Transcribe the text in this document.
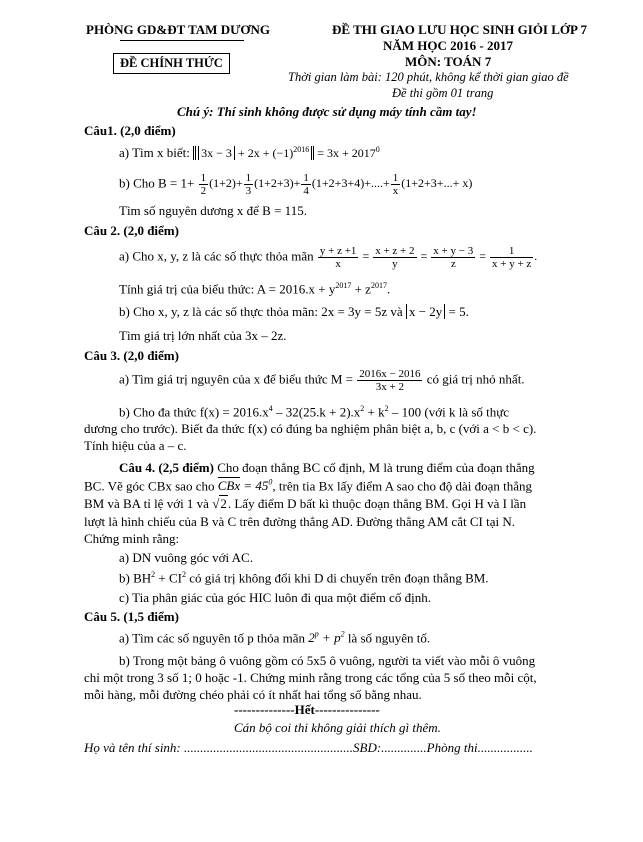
PHÒNG GD&ĐT TAM DƯƠNG
ĐỀ CHÍNH THỨC
ĐỀ THI GIAO LƯU HỌC SINH GIỎI LỚP 7
NĂM HỌC 2016 - 2017
MÔN: TOÁN 7
Thời gian làm bài: 120 phút, không kể thời gian giao đề
Đề thi gồm 01 trang
Chú ý: Thí sinh không được sử dụng máy tính cầm tay!
Câu1. (2,0 điểm)
a) Tìm x biết: $3x - 3 + 2x + (-1)^{2016} = 3x + 2017^0$
b) Cho $B = 1+ \frac{1}{2} (1+2)+ \frac{1}{3} (1+2+3)+ \frac{1}{4} (1+2+3+4)+....+ \frac{1}{x} (1+2+3+...+ x)$
Tìm số nguyên dương x để B = 115.
Câu 2. (2,0 điểm)
a) Cho x, y, z là các số thực thỏa mãn $\frac{y + z +1}{x} = \frac{x + z + 2}{y} = \frac{x + y - 3}{z} = \frac{1}{x + y + z}$ .
Tính giá trị của biểu thức: $A = 2016.x + y^{2017} + z^{2017}$.
b) Cho x, y, z là các số thực thỏa mãn: 2x = 3y = 5z và x − 2y = 5.
Tìm giá trị lớn nhất của 3x – 2z.
Câu 3. (2,0 điểm)
a) Tìm giá trị nguyên của x để biểu thức $M = \frac{2016x - 2016}{3x + 2}$ có giá trị nhỏ nhất.
b) Cho đa thức $f(x) = 2016.x^4 - 32(25.k + 2).x^2 + k^2 - 100$ (với k là số thực
dương cho trước). Biết đa thức f(x) có đúng ba nghiệm phân biệt a, b, c (với a < b < c).
Tính hiệu của a – c.
Câu 4. (2,5 điểm) Cho đoạn thẳng BC cố định, M là trung điểm của đoạn thẳng
BC. Vẽ góc CBx sao cho CBx = $45^0$, trên tia Bx lấy điểm A sao cho độ dài đoạn thẳng
BM và BA tỉ lệ với 1 và √2. Lấy điểm D bất kì thuộc đoạn thẳng BM. Gọi H và I lần
lượt là hình chiếu của B và C trên đường thẳng AD. Đường thẳng AM cắt CI tại N.
Chứng minh rằng:
a) DN vuông góc với AC.
b) $BH^2 + CI^2$ có giá trị không đổi khi D di chuyển trên đoạn thẳng BM.
c) Tia phân giác của góc HIC luôn đi qua một điểm cố định.
Câu 5. (1,5 điểm)
a) Tìm các số nguyên tố p thỏa mãn $2^p + p^2$ là số nguyên tố.
b) Trong một bảng ô vuông gồm có 5x5 ô vuông, người ta viết vào mỗi ô vuông
chỉ một trong 3 số 1; 0 hoặc -1. Chứng minh rằng trong các tổng của 5 số theo mỗi cột,
mỗi hàng, mỗi đường chéo phải có ít nhất hai tổng số bằng nhau.
--------------Hết---------------
Cán bộ coi thi không giải thích gì thêm.
Họ và tên thí sinh: ....................................................SBD:..............Phòng thi.................
